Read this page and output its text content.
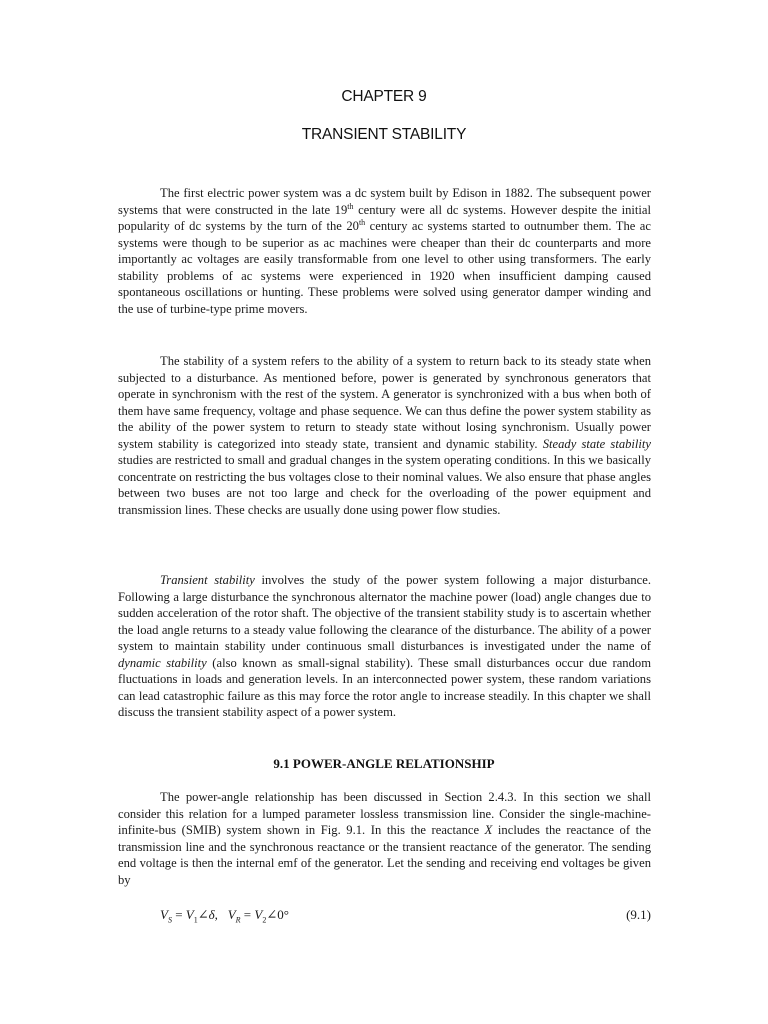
CHAPTER 9
TRANSIENT STABILITY

The first electric power system was a dc system built by Edison in 1882. The subsequent power systems that were constructed in the late 19th century were all dc systems. However despite the initial popularity of dc systems by the turn of the 20th century ac systems started to outnumber them. The ac systems were though to be superior as ac machines were cheaper than their dc counterparts and more importantly ac voltages are easily transformable from one level to other using transformers. The early stability problems of ac systems were experienced in 1920 when insufficient damping caused spontaneous oscillations or hunting. These problems were solved using generator damper winding and the use of turbine-type prime movers.

The stability of a system refers to the ability of a system to return back to its steady state when subjected to a disturbance. As mentioned before, power is generated by synchronous generators that operate in synchronism with the rest of the system. A generator is synchronized with a bus when both of them have same frequency, voltage and phase sequence. We can thus define the power system stability as the ability of the power system to return to steady state without losing synchronism. Usually power system stability is categorized into steady state, transient and dynamic stability. Steady state stability studies are restricted to small and gradual changes in the system operating conditions. In this we basically concentrate on restricting the bus voltages close to their nominal values. We also ensure that phase angles between two buses are not too large and check for the overloading of the power equipment and transmission lines. These checks are usually done using power flow studies.

Transient stability involves the study of the power system following a major disturbance. Following a large disturbance the synchronous alternator the machine power (load) angle changes due to sudden acceleration of the rotor shaft. The objective of the transient stability study is to ascertain whether the load angle returns to a steady value following the clearance of the disturbance. The ability of a power system to maintain stability under continuous small disturbances is investigated under the name of dynamic stability (also known as small-signal stability). These small disturbances occur due random fluctuations in loads and generation levels. In an interconnected power system, these random variations can lead catastrophic failure as this may force the rotor angle to increase steadily. In this chapter we shall discuss the transient stability aspect of a power system.

9.1 POWER-ANGLE RELATIONSHIP

The power-angle relationship has been discussed in Section 2.4.3. In this section we shall consider this relation for a lumped parameter lossless transmission line. Consider the single-machine-infinite-bus (SMIB) system shown in Fig. 9.1. In this the reactance X includes the reactance of the transmission line and the synchronous reactance or the transient reactance of the generator. The sending end voltage is then the internal emf of the generator. Let the sending and receiving end voltages be given by

$V_S$ = $V_1\angle\delta$, $V_R$ = $V_2\angle 0^\circ$	(9.1)
